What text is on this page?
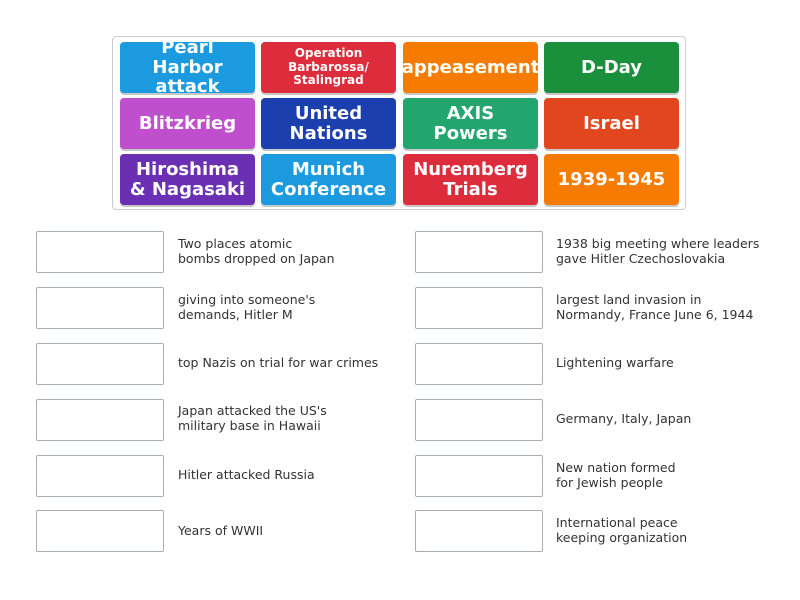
Pearl Harbor
attack
Operation
Barbarossa/
Stalingrad
appeasement	D-Day
Blitzkrieg	United
Nations
AXIS Powers	Israel
Hiroshima
& Nagasaki
Munich
Conference
Nuremberg
Trials	1939-1945
Two places atomic
bombs dropped on Japan
giving into someone's
demands, Hitler M
top Nazis on trial for war crimes
Japan attacked the US's
military base in Hawaii
Hitler attacked Russia
Years of WWII
1938 big meeting where leaders
gave Hitler Czechoslovakia
largest land invasion in
Normandy, France June 6, 1944
Lightening warfare
Germany, Italy, Japan
New nation formed
for Jewish people
International peace
keeping organization
